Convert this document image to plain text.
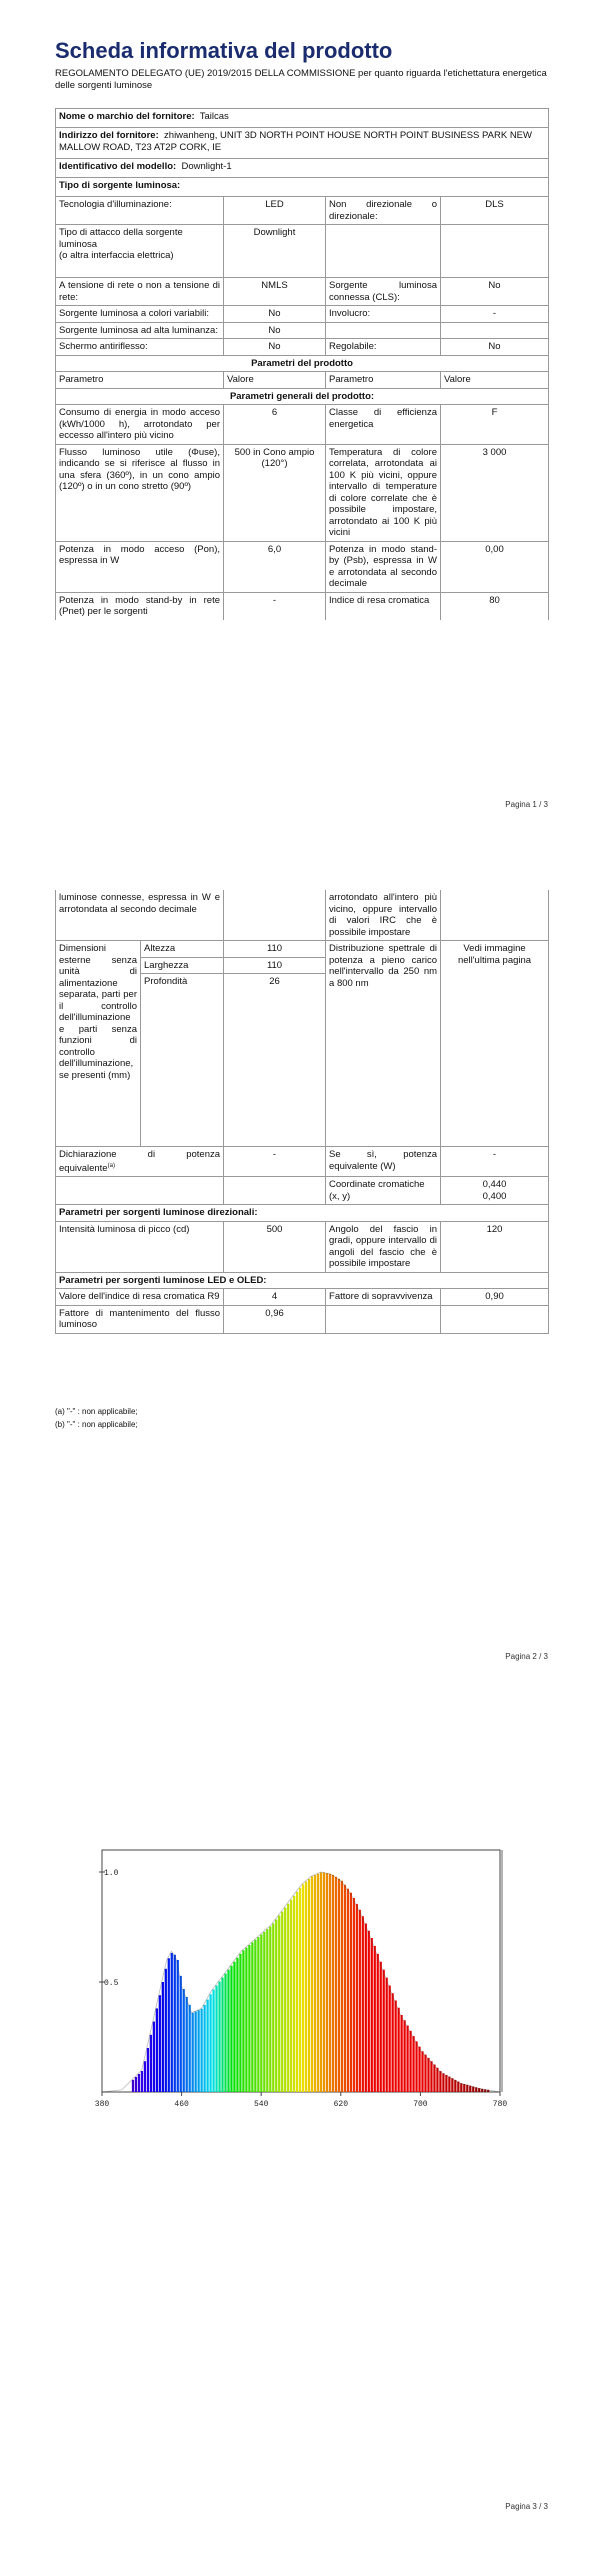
Scheda informativa del prodotto
REGOLAMENTO DELEGATO (UE) 2019/2015 DELLA COMMISSIONE per quanto riguarda l'etichettatura energetica delle sorgenti luminose
Nome o marchio del fornitore: Tailcas			
Indirizzo del fornitore: zhiwanheng, UNIT 3D NORTH POINT HOUSE NORTH POINT BUSINESS PARK NEW MALLOW ROAD, T23 AT2P CORK, IE			
Identificativo del modello: Downlight-1			
Tipo di sorgente luminosa:			
Tecnologia d'illuminazione:	LED	Non direzionale o direzionale:	DLS
Tipo di attacco della sorgente luminosa
(o altra interfaccia elettrica)	Downlight		
A tensione di rete o non a tensione di rete:	NMLS	Sorgente luminosa connessa (CLS):	No
Sorgente luminosa a colori variabili:	No	Involucro:	-
Sorgente luminosa ad alta luminanza:	No		
Schermo antiriflesso:	No	Regolabile:	No
Parametri del prodotto			
Parametro	Valore	Parametro	Valore
Parametri generali del prodotto:			
Consumo di energia in modo acceso (kWh/1000 h), arrotondato per eccesso all'intero più vicino	6	Classe di efficienza energetica	F
Flusso luminoso utile (Φuse), indicando se si riferisce al flusso in una sfera (360º), in un cono ampio (120º) o in un cono stretto (90º)	500 in Cono ampio (120°)	Temperatura di colore correlata, arrotondata ai 100 K più vicini, oppure intervallo di temperature di colore correlate che è possibile impostare, arrotondato ai 100 K più vicini	3 000
Potenza in modo acceso (Pon), espressa in W	6,0	Potenza in modo stand-by (Psb), espressa in W e arrotondata al secondo decimale	0,00
Potenza in modo stand-by in rete (Pnet) per le sorgenti	-	Indice di resa cromatica	80
Pagina 1 / 3
luminose connesse, espressa in W e arrotondata al secondo decimale			arrotondato all'intero più vicino, oppure intervallo di valori IRC che è possibile impostare	
Dimensioni esterne senza unità di alimentazione separata, parti per il controllo dell'illuminazione e parti senza funzioni di controllo dell'illuminazione, se presenti (mm)	Altezza	110	Distribuzione spettrale di potenza a pieno carico nell'intervallo da 250 nm a 800 nm	Vedi immagine nell'ultima pagina
	Larghezza	110		
	Profondità	26		
Dichiarazione di potenza equivalente$^{(a)}$		-	Se sì, potenza equivalente (W)	-
			Coordinate cromatiche (x, y)	0,440
0,400
Parametri per sorgenti luminose direzionali:				
Intensità luminosa di picco (cd)		500	Angolo del fascio in gradi, oppure intervallo di angoli del fascio che è possibile impostare	120
Parametri per sorgenti luminose LED e OLED:				
Valore dell'indice di resa cromatica R9		4	Fattore di sopravvivenza	0,90
Fattore di mantenimento del flusso luminoso		0,96		
(a) "-" : non applicabile;
(b) "-" : non applicabile;
Pagina 2 / 3
Pagina 3 / 3
380	460	540	620	700	780
0.5
1.0
